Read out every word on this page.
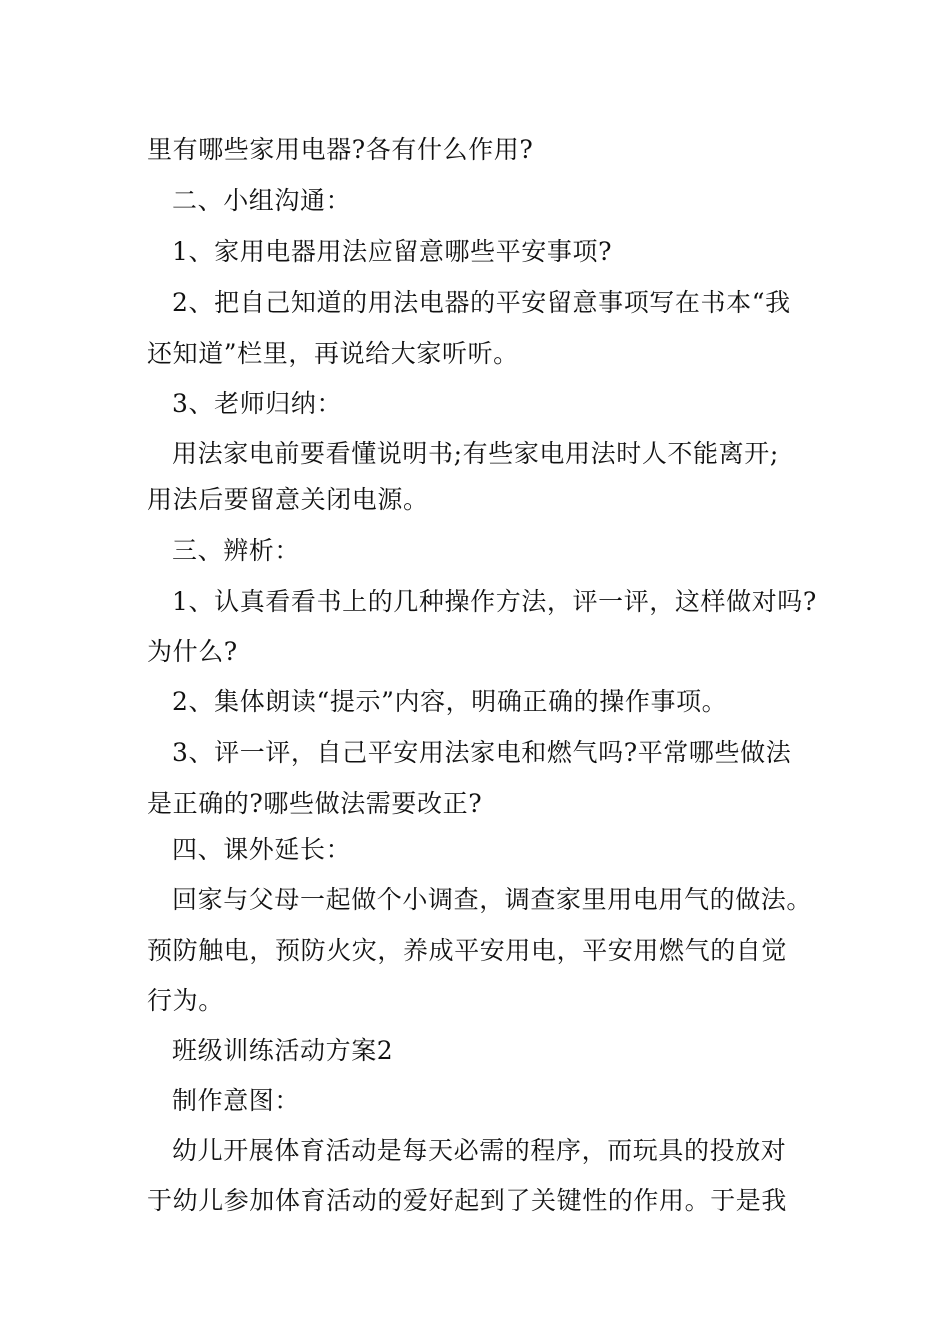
里有哪些家用电器?各有什么作用?
二、小组沟通：
1、家用电器用法应留意哪些平安事项?
2、把自己知道的用法电器的平安留意事项写在书本“我
还知道”栏里，再说给大家听听。
3、老师归纳：
用法家电前要看懂说明书;有些家电用法时人不能离开;
用法后要留意关闭电源。
三、辨析：
1、认真看看书上的几种操作方法，评一评，这样做对吗?
为什么?
2、集体朗读“提示”内容，明确正确的操作事项。
3、评一评，自己平安用法家电和燃气吗?平常哪些做法
是正确的?哪些做法需要改正?
四、课外延长：
回家与父母一起做个小调查，调查家里用电用气的做法。
预防触电，预防火灾，养成平安用电，平安用燃气的自觉
行为。
班级训练活动方案2
制作意图：
幼儿开展体育活动是每天必需的程序，而玩具的投放对
于幼儿参加体育活动的爱好起到了关键性的作用。于是我
